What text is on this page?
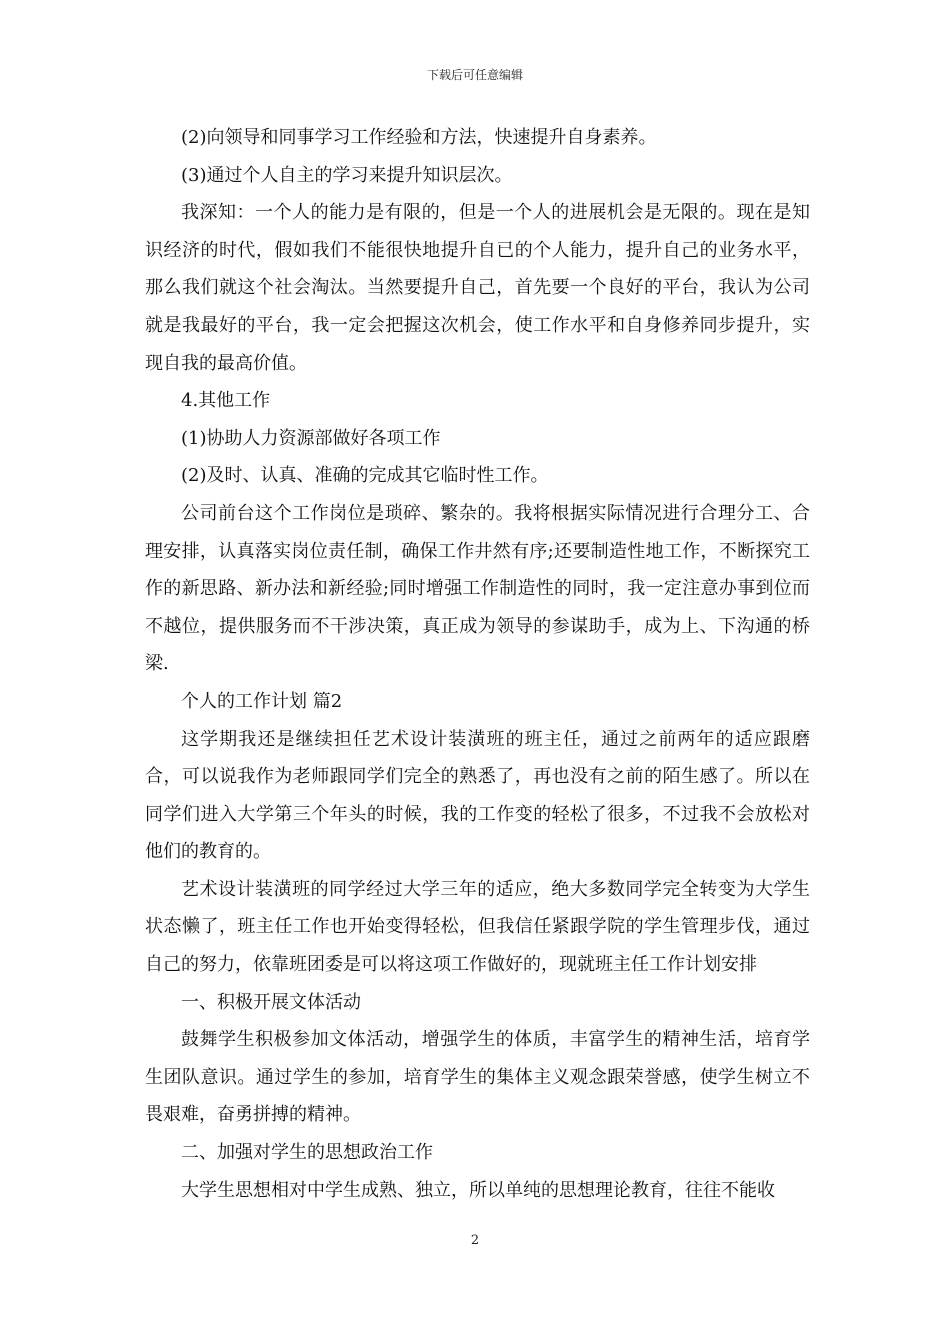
下载后可任意编辑

(2)向领导和同事学习工作经验和方法，快速提升自身素养。

(3)通过个人自主的学习来提升知识层次。

我深知：一个人的能力是有限的，但是一个人的进展机会是无限的。现在是知识经济的时代，假如我们不能很快地提升自已的个人能力，提升自己的业务水平，那么我们就这个社会淘汰。当然要提升自己，首先要一个良好的平台，我认为公司就是我最好的平台，我一定会把握这次机会，使工作水平和自身修养同步提升，实现自我的最高价值。

4.其他工作

(1)协助人力资源部做好各项工作

(2)及时、认真、准确的完成其它临时性工作。

公司前台这个工作岗位是琐碎、繁杂的。我将根据实际情况进行合理分工、合理安排，认真落实岗位责任制，确保工作井然有序;还要制造性地工作，不断探究工作的新思路、新办法和新经验;同时增强工作制造性的同时，我一定注意办事到位而不越位，提供服务而不干涉决策，真正成为领导的参谋助手，成为上、下沟通的桥梁.

个人的工作计划 篇2

这学期我还是继续担任艺术设计装潢班的班主任，通过之前两年的适应跟磨合，可以说我作为老师跟同学们完全的熟悉了，再也没有之前的陌生感了。所以在同学们进入大学第三个年头的时候，我的工作变的轻松了很多，不过我不会放松对他们的教育的。

艺术设计装潢班的同学经过大学三年的适应，绝大多数同学完全转变为大学生状态懒了，班主任工作也开始变得轻松，但我信任紧跟学院的学生管理步伐，通过自己的努力，依靠班团委是可以将这项工作做好的，现就班主任工作计划安排

一、积极开展文体活动

鼓舞学生积极参加文体活动，增强学生的体质，丰富学生的精神生活，培育学生团队意识。通过学生的参加，培育学生的集体主义观念跟荣誉感，使学生树立不畏艰难，奋勇拼搏的精神。

二、加强对学生的思想政治工作

大学生思想相对中学生成熟、独立，所以单纯的思想理论教育，往往不能收

2
